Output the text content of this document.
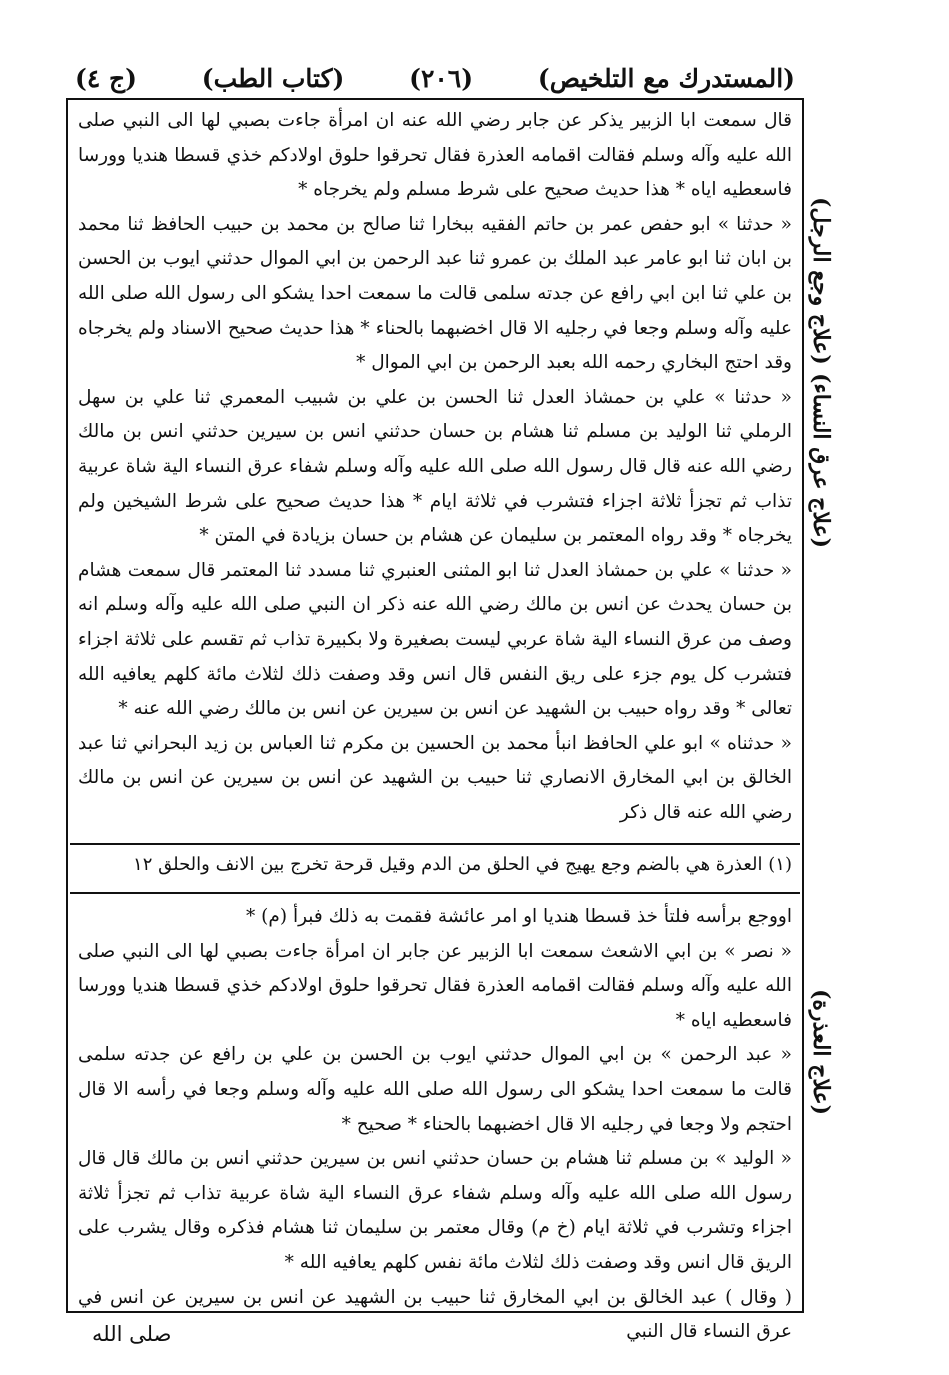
(المستدرك مع التلخيص)
(٢٠٦)
(كتاب الطب)
(ج ٤)

قال سمعت ابا الزبير يذكر عن جابر رضي الله عنه ان امرأة جاءت بصبي لها الى النبي صلى الله عليه وآله وسلم فقالت اقمامه العذرة فقال تحرقوا حلوق اولادكم خذي قسطا هنديا وورسا فاسعطيه اياه * هذا حديث صحيح على شرط مسلم ولم يخرجاه *

« حدثنا » ابو حفص عمر بن حاتم الفقيه ببخارا ثنا صالح بن محمد بن حبيب الحافظ ثنا محمد بن ابان ثنا ابو عامر عبد الملك بن عمرو ثنا عبد الرحمن بن ابي الموال حدثني ايوب بن الحسن بن علي ثنا ابن ابي رافع عن جدته سلمى قالت ما سمعت احدا يشكو الى رسول الله صلى الله عليه وآله وسلم وجعا في رجليه الا قال اخضبهما بالحناء * هذا حديث صحيح الاسناد ولم يخرجاه وقد احتج البخاري رحمه الله بعبد الرحمن بن ابي الموال *

« حدثنا » علي بن حمشاذ العدل ثنا الحسن بن علي بن شبيب المعمري ثنا علي بن سهل الرملي ثنا الوليد بن مسلم ثنا هشام بن حسان حدثني انس بن سيرين حدثني انس بن مالك رضي الله عنه قال قال رسول الله صلى الله عليه وآله وسلم شفاء عرق النساء الية شاة عربية تذاب ثم تجزأ ثلاثة اجزاء فتشرب في ثلاثة ايام * هذا حديث صحيح على شرط الشيخين ولم يخرجاه * وقد رواه المعتمر بن سليمان عن هشام بن حسان بزيادة في المتن *

« حدثنا » علي بن حمشاذ العدل ثنا ابو المثنى العنبري ثنا مسدد ثنا المعتمر قال سمعت هشام بن حسان يحدث عن انس بن مالك رضي الله عنه ذكر ان النبي صلى الله عليه وآله وسلم انه وصف من عرق النساء الية شاة عربي ليست بصغيرة ولا بكبيرة تذاب ثم تقسم على ثلاثة اجزاء فتشرب كل يوم جزء على ريق النفس قال انس وقد وصفت ذلك لثلاث مائة كلهم يعافيه الله تعالى * وقد رواه حبيب بن الشهيد عن انس بن سيرين عن انس بن مالك رضي الله عنه *

« حدثناه » ابو علي الحافظ انبأ محمد بن الحسين بن مكرم ثنا العباس بن زيد البحراني ثنا عبد الخالق بن ابي المخارق الانصاري ثنا حبيب بن الشهيد عن انس بن سيرين عن انس بن مالك رضي الله عنه قال ذكر

(١) العذرة هي بالضم وجع يهيج في الحلق من الدم وقيل قرحة تخرج بين الانف والحلق ١٢

اووجع برأسه فلتأ خذ قسطا هنديا او امر عائشة فقمت به ذلك فبرأ (م) *

« نصر » بن ابي الاشعث سمعت ابا الزبير عن جابر ان امرأة جاءت بصبي لها الى النبي صلى الله عليه وآله وسلم فقالت اقمامه العذرة فقال تحرقوا حلوق اولادكم خذي قسطا هنديا وورسا فاسعطيه اياه *

« عبد الرحمن » بن ابي الموال حدثني ايوب بن الحسن بن علي بن رافع عن جدته سلمى قالت ما سمعت احدا يشكو الى رسول الله صلى الله عليه وآله وسلم وجعا في رأسه الا قال احتجم ولا وجعا في رجليه الا قال اخضبهما بالحناء * صحيح *

« الوليد » بن مسلم ثنا هشام بن حسان حدثني انس بن سيرين حدثني انس بن مالك قال قال رسول الله صلى الله عليه وآله وسلم شفاء عرق النساء الية شاة عربية تذاب ثم تجزأ ثلاثة اجزاء وتشرب في ثلاثة ايام (خ م) وقال معتمر بن سليمان ثنا هشام فذكره وقال يشرب على الريق قال انس وقد وصفت ذلك لثلاث مائة نفس كلهم يعافيه الله *

( وقال ) عبد الخالق بن ابي المخارق ثنا حبيب بن الشهيد عن انس بن سيرين عن انس في عرق النساء قال النبي

(علاج وجع الرجل)
(علاج عرق النساء)
(علاج العذرة)
صلى الله
